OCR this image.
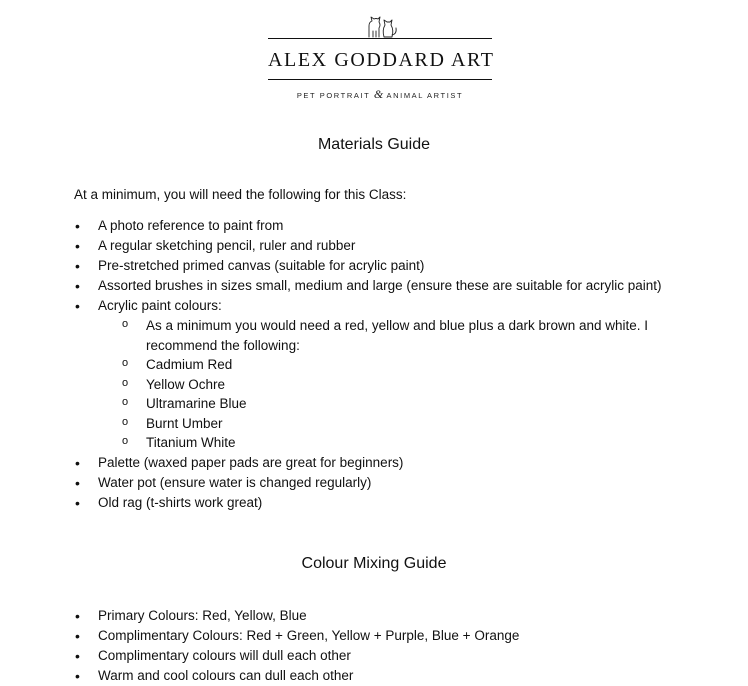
ALEX GODDARD ART
PET PORTRAIT & ANIMAL ARTIST
Materials Guide
At a minimum, you will need the following for this Class:
• A photo reference to paint from
• A regular sketching pencil, ruler and rubber
• Pre-stretched primed canvas (suitable for acrylic paint)
• Assorted brushes in sizes small, medium and large (ensure these are suitable for acrylic paint)
• Acrylic paint colours:
o As a minimum you would need a red, yellow and blue plus a dark brown and white. I recommend the following:
o Cadmium Red
o Yellow Ochre
o Ultramarine Blue
o Burnt Umber
o Titanium White
• Palette (waxed paper pads are great for beginners)
• Water pot (ensure water is changed regularly)
• Old rag (t-shirts work great)
Colour Mixing Guide
• Primary Colours: Red, Yellow, Blue
• Complimentary Colours: Red + Green, Yellow + Purple, Blue + Orange
• Complimentary colours will dull each other
• Warm and cool colours can dull each other
